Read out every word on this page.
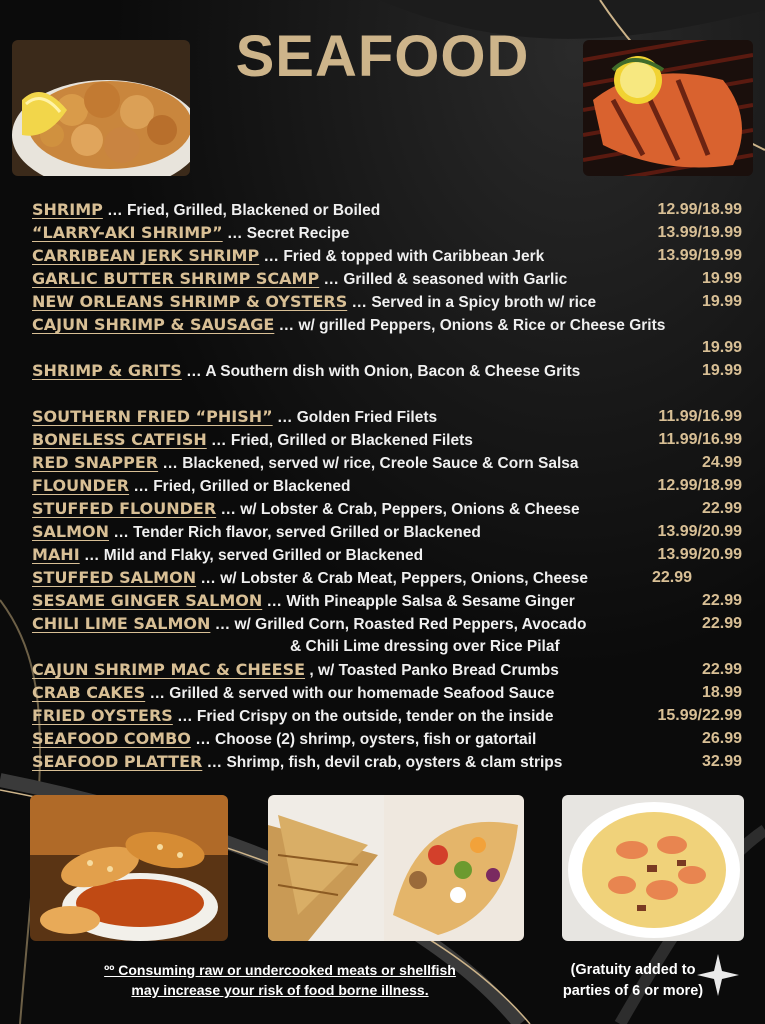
SEAFOOD
SHRIMP … Fried, Grilled, Blackened or Boiled	12.99/18.99
“LARRY-AKI SHRIMP” … Secret Recipe	13.99/19.99
CARRIBEAN JERK SHRIMP … Fried & topped with Caribbean Jerk	13.99/19.99
GARLIC BUTTER SHRIMP SCAMP … Grilled & seasoned with Garlic	19.99
NEW ORLEANS SHRIMP & OYSTERS … Served in a Spicy broth w/ rice	19.99
CAJUN SHRIMP & SAUSAGE … w/ grilled Peppers, Onions & Rice or Cheese Grits
19.99
SHRIMP & GRITS … A Southern dish with Onion, Bacon & Cheese Grits	19.99
SOUTHERN FRIED “PHISH” … Golden Fried Filets	11.99/16.99
BONELESS CATFISH … Fried, Grilled or Blackened Filets	11.99/16.99
RED SNAPPER … Blackened, served w/ rice, Creole Sauce & Corn Salsa	24.99
FLOUNDER … Fried, Grilled or Blackened	12.99/18.99
STUFFED FLOUNDER … w/ Lobster & Crab, Peppers, Onions & Cheese	22.99
SALMON … Tender Rich flavor, served Grilled or Blackened	13.99/20.99
MAHI … Mild and Flaky, served Grilled or Blackened	13.99/20.99
STUFFED SALMON … w/ Lobster & Crab Meat, Peppers, Onions, Cheese	22.99
SESAME GINGER SALMON … With Pineapple Salsa & Sesame Ginger	22.99
CHILI LIME SALMON … w/ Grilled Corn, Roasted Red Peppers, Avocado
& Chili Lime dressing over Rice Pilaf
22.99
CAJUN SHRIMP MAC & CHEESE , w/ Toasted Panko Bread Crumbs	22.99
CRAB CAKES … Grilled & served with our homemade Seafood Sauce	18.99
FRIED OYSTERS … Fried Crispy on the outside, tender on the inside	15.99/22.99
SEAFOOD COMBO … Choose (2) shrimp, oysters, fish or gatortail	26.99
SEAFOOD PLATTER … Shrimp, fish, devil crab, oysters & clam strips	32.99
ºº Consuming raw or undercooked meats or shellfish
may increase your risk of food borne illness.
(Gratuity added to
parties of 6 or more)
